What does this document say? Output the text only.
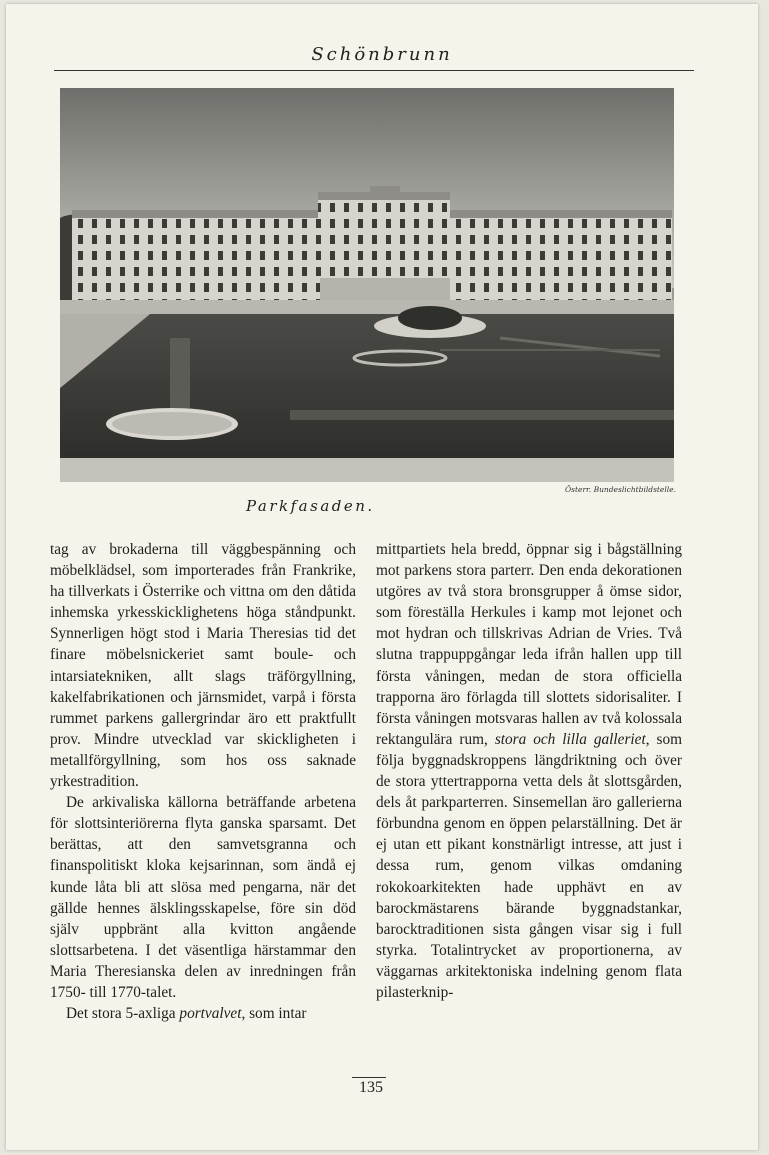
Schönbrunn
Österr. Bundeslichtbildstelle.
Parkfasaden.

tag av brokaderna till väggbespänning och möbelklädsel, som importerades från Frankrike, ha tillverkats i Österrike och vittna om den dåtida inhemska yrkesskicklighetens höga ståndpunkt. Synnerligen högt stod i Maria Theresias tid det finare möbelsnickeriet samt boule- och intarsiatekniken, allt slags träförgyllning, kakelfabrikationen och järnsmidet, varpå i första rummet parkens gallergrindar äro ett praktfullt prov. Mindre utvecklad var skickligheten i metallförgyllning, som hos oss saknade yrkestradition.

De arkivaliska källorna beträffande arbetena för slottsinteriörerna flyta ganska sparsamt. Det berättas, att den samvetsgranna och finanspolitiskt kloka kejsarinnan, som ändå ej kunde låta bli att slösa med pengarna, när det gällde hennes älsklingsskapelse, före sin död själv uppbränt alla kvitton angående slottsarbetena. I det väsentliga härstammar den Maria Theresianska delen av inredningen från 1750- till 1770-talet.

Det stora 5-axliga portvalvet, som intar

mittpartiets hela bredd, öppnar sig i bågställning mot parkens stora parterr. Den enda dekorationen utgöres av två stora bronsgrupper å ömse sidor, som föreställa Herkules i kamp mot lejonet och mot hydran och tillskrivas Adrian de Vries. Två slutna trappuppgångar leda ifrån hallen upp till första våningen, medan de stora officiella trapporna äro förlagda till slottets sidorisaliter. I första våningen motsvaras hallen av två kolossala rektangulära rum, stora och lilla galleriet, som följa byggnadskroppens längdriktning och över de stora yttertrapporna vetta dels åt slottsgården, dels åt parkparterren. Sinsemellan äro gallerierna förbundna genom en öppen pelarställning. Det är ej utan ett pikant konstnärligt intresse, att just i dessa rum, genom vilkas omdaning rokokoarkitekten hade upphävt en av barockmästarens bärande byggnadstankar, barocktraditionen sista gången visar sig i full styrka. Totalintrycket av proportionerna, av väggarnas arkitektoniska indelning genom flata pilasterknip-

135
